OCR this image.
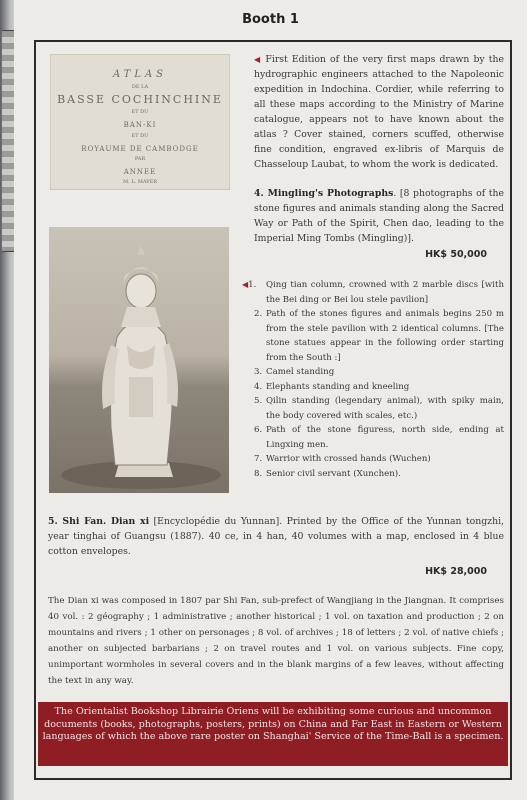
Booth 1
ATLAS
DE LA
BASSE COCHINCHINE
ET DU
BAN-KI
ET DU
ROYAUME DE CAMBODGE
PAR
ANNEE
M. L. MAYER
◀ First Edition of the very first maps drawn by the hydrographic engineers attached to the Napoleonic expedition in Indochina. Cordier, while referring to all these maps according to the Ministry of Marine catalogue, appears not to have known about the atlas ? Cover stained, corners scuffed, otherwise fine condition, engraved ex-libris of Marquis de Chasseloup Laubat, to whom the work is dedicated.
4. Mingling's Photographs. [8 photographs of the stone figures and animals standing along the Sacred Way or Path of the Spirit, Chen dao, leading to the Imperial Ming Tombs (Mingling)].
HK$ 50,000
◀1. Qing tian column, crowned with 2 marble discs [with the Bei ding or Bei lou stele pavilion]
2. Path of the stones figures and animals begins 250 m from the stele pavilion with 2 identical columns. [The stone statues appear in the following order starting from the South :]
3. Camel standing
4. Elephants standing and kneeling
5. Qilin standing (legendary animal), with spiky main, the body covered with scales, etc.)
6. Path of the stone figuress, north side, ending at Lingxing men.
7. Warrior with crossed hands (Wuchen)
8. Senior civil servant (Xunchen).
5. Shi Fan. Dian xi [Encyclopédie du Yunnan]. Printed by the Office of the Yunnan tongzhi, year tinghai of Guangsu (1887). 40 ce, in 4 han, 40 volumes with a map, enclosed in 4 blue cotton envelopes.
HK$ 28,000
The Dian xi was composed in 1807 par Shi Fan, sub-prefect of Wangjiang in the Jiangnan. It comprises 40 vol. : 2 géography ; 1 administrative ; another historical ; 1 vol. on taxation and production ; 2 on mountains and rivers ; 1 other on personages ; 8 vol. of archives ; 18 of letters ; 2 vol. of native chiefs ; another on subjected barbarians ; 2 on travel routes and 1 vol. on various subjects. Fine copy, unimportant wormholes in several covers and in the blank margins of a few leaves, without affecting the text in any way.
The Orientalist Bookshop Librairie Oriens will be exhibiting some curious and uncommon documents (books, photographs, posters, prints) on China and Far East in Eastern or Western languages of which the above rare poster on Shanghai' Service of the Time-Ball is a specimen.
